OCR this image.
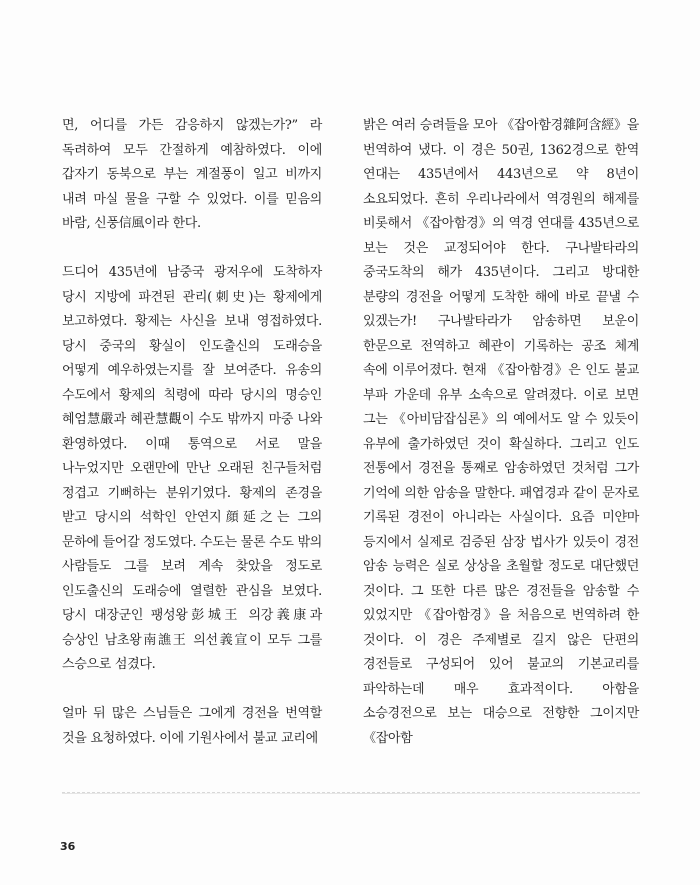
면, 어디를 가든 감응하지 않겠는가?” 라 독려하여 모두 간절하게 예참하였다. 이에 갑자기 동북으로 부는 계절풍이 일고 비까지 내려 마실 물을 구할 수 있었다. 이를 믿음의 바람, 신풍信風이라 한다.

드디어 435년에 남중국 광저우에 도착하자 당시 지방에 파견된 관리(刺史)는 황제에게 보고하였다. 황제는 사신을 보내 영접하였다. 당시 중국의 황실이 인도출신의 도래승을 어떻게 예우하였는지를 잘 보여준다. 유송의 수도에서 황제의 칙령에 따라 당시의 명승인 혜엄慧嚴과 혜관慧觀이 수도 밖까지 마중 나와 환영하였다. 이때 통역으로 서로 말을 나누었지만 오랜만에 만난 오래된 친구들처럼 정겹고 기뻐하는 분위기였다. 황제의 존경을 받고 당시의 석학인 안연지顔延之는 그의 문하에 들어갈 정도였다. 수도는 물론 수도 밖의 사람들도 그를 보려 계속 찾았을 정도로 인도출신의 도래승에 열렬한 관심을 보였다. 당시 대장군인 팽성왕彭城王 의강義康과 승상인 남초왕南譙王 의선義宣이 모두 그를 스승으로 섬겼다.

얼마 뒤 많은 스님들은 그에게 경전을 번역할 것을 요청하였다. 이에 기원사에서 불교 교리에

밝은 여러 승려들을 모아 《잡아함경雜阿含經》을 번역하여 냈다. 이 경은 50권, 1362경으로 한역 연대는 435년에서 443년으로 약 8년이 소요되었다. 흔히 우리나라에서 역경원의 해제를 비롯해서 《잡아함경》의 역경 연대를 435년으로 보는 것은 교정되어야 한다. 구나발타라의 중국도착의 해가 435년이다. 그리고 방대한 분량의 경전을 어떻게 도착한 해에 바로 끝낼 수 있겠는가! 구나발타라가 암송하면 보운이 한문으로 전역하고 혜관이 기록하는 공조 체계 속에 이루어졌다. 현재 《잡아함경》은 인도 불교 부파 가운데 유부 소속으로 알려졌다. 이로 보면 그는 《아비담잡심론》의 예에서도 알 수 있듯이 유부에 출가하였던 것이 확실하다. 그리고 인도 전통에서 경전을 통째로 암송하였던 것처럼 그가 기억에 의한 암송을 말한다. 패엽경과 같이 문자로 기록된 경전이 아니라는 사실이다. 요즘 미얀마 등지에서 실제로 검증된 삼장 법사가 있듯이 경전 암송 능력은 실로 상상을 초월할 정도로 대단했던 것이다. 그 또한 다른 많은 경전들을 암송할 수 있었지만 《잡아함경》을 처음으로 번역하려 한 것이다. 이 경은 주제별로 길지 않은 단편의 경전들로 구성되어 있어 불교의 기본교리를 파악하는데 매우 효과적이다. 아함을 소승경전으로 보는 대승으로 전향한 그이지만 《잡아함

36
